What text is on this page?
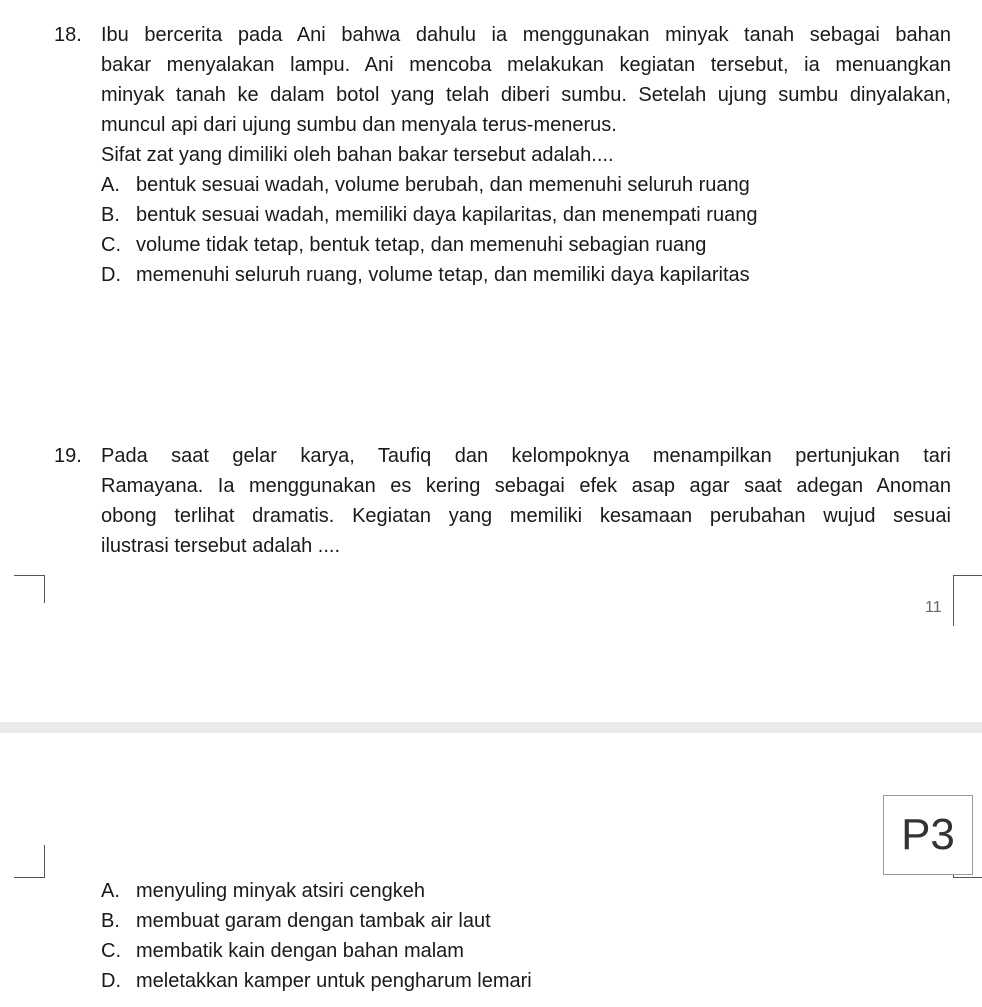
18. Ibu bercerita pada Ani bahwa dahulu ia menggunakan minyak tanah sebagai bahan
bakar menyalakan lampu. Ani mencoba melakukan kegiatan tersebut, ia menuangkan
minyak tanah ke dalam botol yang telah diberi sumbu. Setelah ujung sumbu dinyalakan,
muncul api dari ujung sumbu dan menyala terus-menerus.
Sifat zat yang dimiliki oleh bahan bakar tersebut adalah....
A. bentuk sesuai wadah, volume berubah, dan memenuhi seluruh ruang
B. bentuk sesuai wadah, memiliki daya kapilaritas, dan menempati ruang
C. volume tidak tetap, bentuk tetap, dan memenuhi sebagian ruang
D. memenuhi seluruh ruang, volume tetap, dan memiliki daya kapilaritas
19. Pada saat gelar karya, Taufiq dan kelompoknya menampilkan pertunjukan tari
Ramayana. Ia menggunakan es kering sebagai efek asap agar saat adegan Anoman
obong terlihat dramatis. Kegiatan yang memiliki kesamaan perubahan wujud sesuai
ilustrasi tersebut adalah ....
11
P3
A. menyuling minyak atsiri cengkeh
B. membuat garam dengan tambak air laut
C. membatik kain dengan bahan malam
D. meletakkan kamper untuk pengharum lemari
